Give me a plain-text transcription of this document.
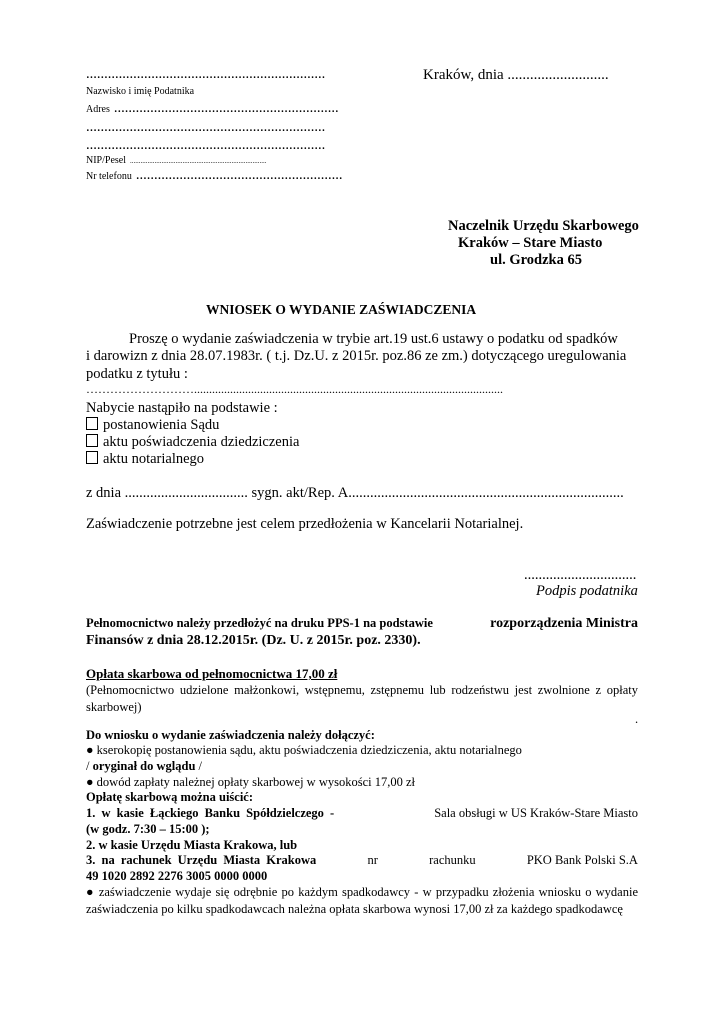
..................................................................
Nazwisko i imię Podatnika
Adres ..............................................................
..................................................................
..................................................................
NIP/Pesel ..............................................................................
Nr telefonu .........................................................
Kraków, dnia ...........................
Naczelnik Urzędu Skarbowego
Kraków – Stare Miasto
ul. Grodzka 65
WNIOSEK O WYDANIE ZAŚWIADCZENIA
Proszę o wydanie zaświadczenia w trybie art.19 ust.6 ustawy o podatku od spadków
i darowizn z dnia 28.07.1983r. ( t.j. Dz.U. z 2015r. poz.86 ze zm.) dotyczącego uregulowania
podatku z tytułu :
……………………….......................................................................................................
Nabycie nastąpiło na podstawie :
postanowienia Sądu
aktu poświadczenia dziedziczenia
aktu notarialnego
z dnia .................................. sygn. akt/Rep. A............................................................................
Zaświadczenie potrzebne jest celem przedłożenia w Kancelarii Notarialnej.
...............................
Podpis podatnika
Pełnomocnictwo należy przedłożyć na druku PPS-1 na podstawie	rozporządzenia Ministra
Finansów z dnia 28.12.2015r. (Dz. U. z 2015r. poz. 2330).
Opłata skarbowa od pełnomocnictwa 17,00 zł
(Pełnomocnictwo udzielone małżonkowi, wstępnemu, zstępnemu lub rodzeństwu jest zwolnione z opłaty skarbowej)
.
Do wniosku o wydanie zaświadczenia należy dołączyć:
● kserokopię postanowienia sądu, aktu poświadczenia dziedziczenia, aktu notarialnego
/ oryginał do wglądu /
● dowód zapłaty należnej opłaty skarbowej w wysokości 17,00 zł
Opłatę skarbową można uiścić:
1. w kasie Łąckiego Banku Spółdzielczego -	Sala obsługi w US Kraków-Stare Miasto
(w godz. 7:30 – 15:00 );
2. w kasie Urzędu Miasta Krakowa, lub
3. na rachunek Urzędu Miasta Krakowa	nr	rachunku	PKO Bank Polski S.A
49 1020 2892 2276 3005 0000 0000
● zaświadczenie wydaje się odrębnie po każdym spadkodawcy - w przypadku złożenia wniosku o wydanie zaświadczenia po kilku spadkodawcach należna opłata skarbowa wynosi 17,00 zł za każdego spadkodawcę
